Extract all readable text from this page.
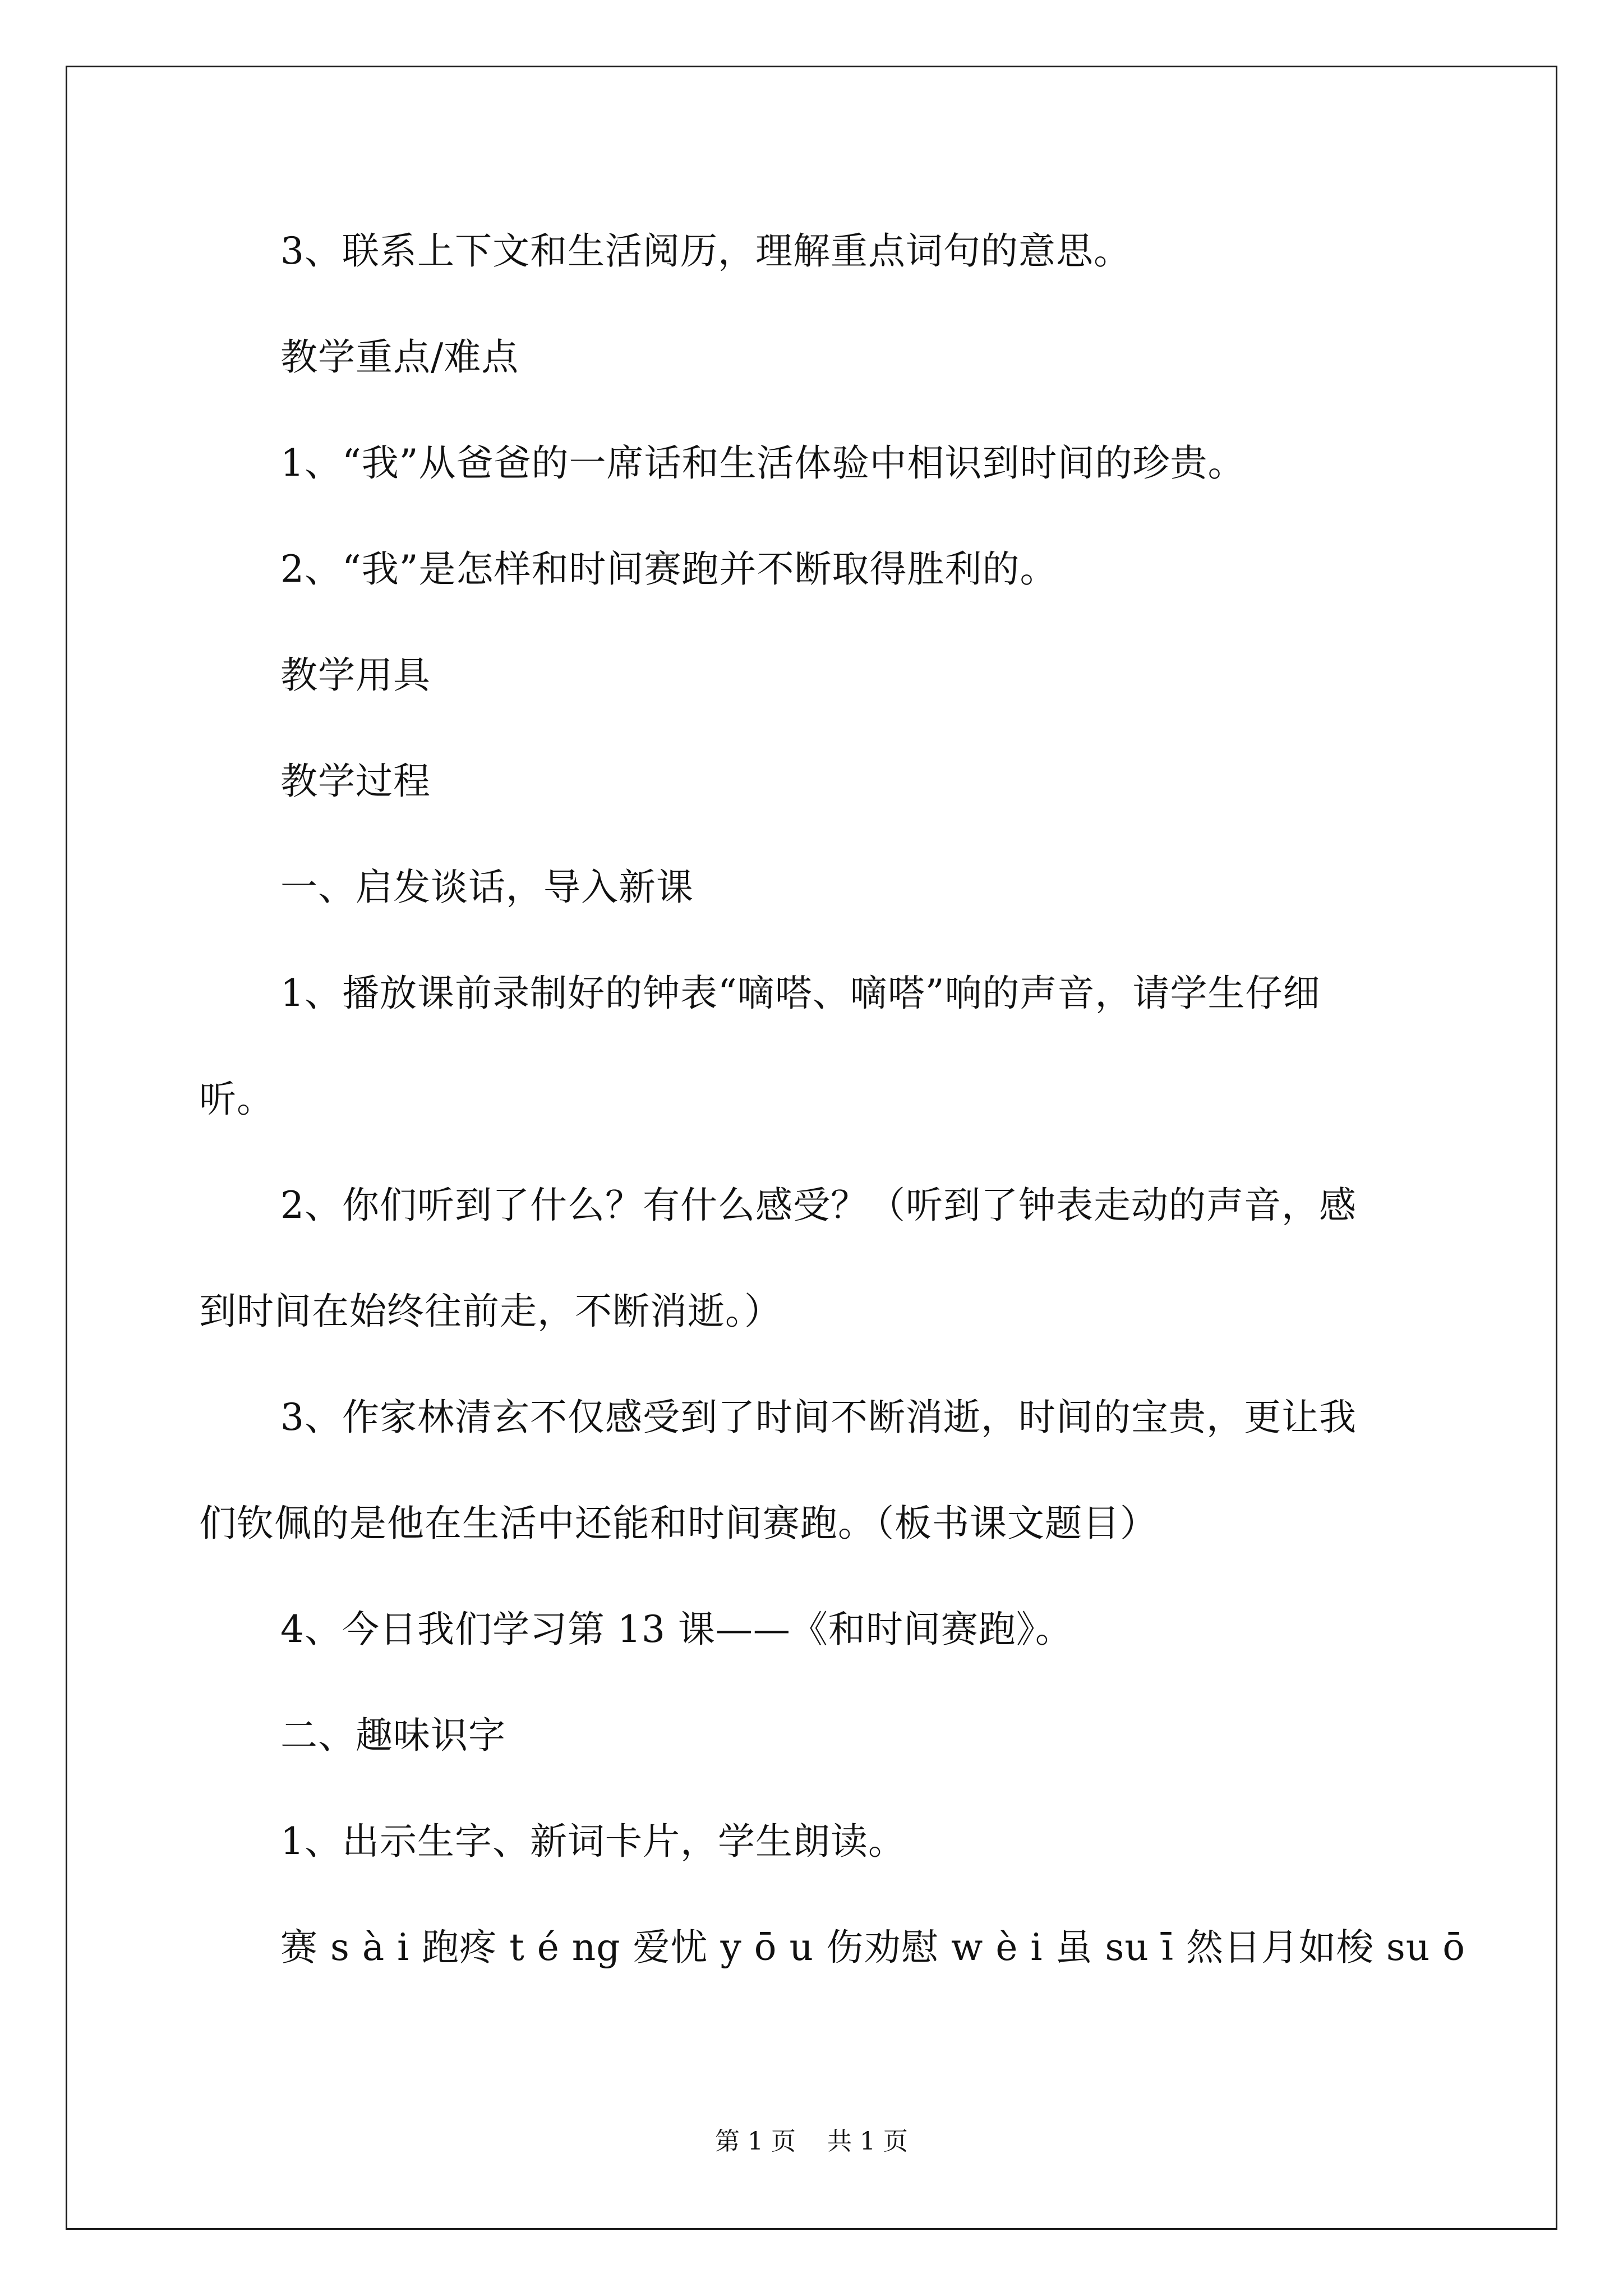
3、联系上下文和生活阅历，理解重点词句的意思。
教学重点/难点
1、“我”从爸爸的一席话和生活体验中相识到时间的珍贵。
2、“我”是怎样和时间赛跑并不断取得胜利的。
教学用具
教学过程
一、启发谈话，导入新课
1、播放课前录制好的钟表“嘀嗒、嘀嗒”响的声音，请学生仔细
听。
2、你们听到了什么？有什么感受？（听到了钟表走动的声音，感
到时间在始终往前走，不断消逝。）
3、作家林清玄不仅感受到了时间不断消逝，时间的宝贵，更让我
们钦佩的是他在生活中还能和时间赛跑。（板书课文题目）
4、今日我们学习第 13 课——《和时间赛跑》。
二、趣味识字
1、出示生字、新词卡片，学生朗读。
赛 s à i 跑疼 t é ng 爱忧 y ō u 伤劝慰 w è i 虽 su ī 然日月如梭 su ō
第 1 页    共 1 页
